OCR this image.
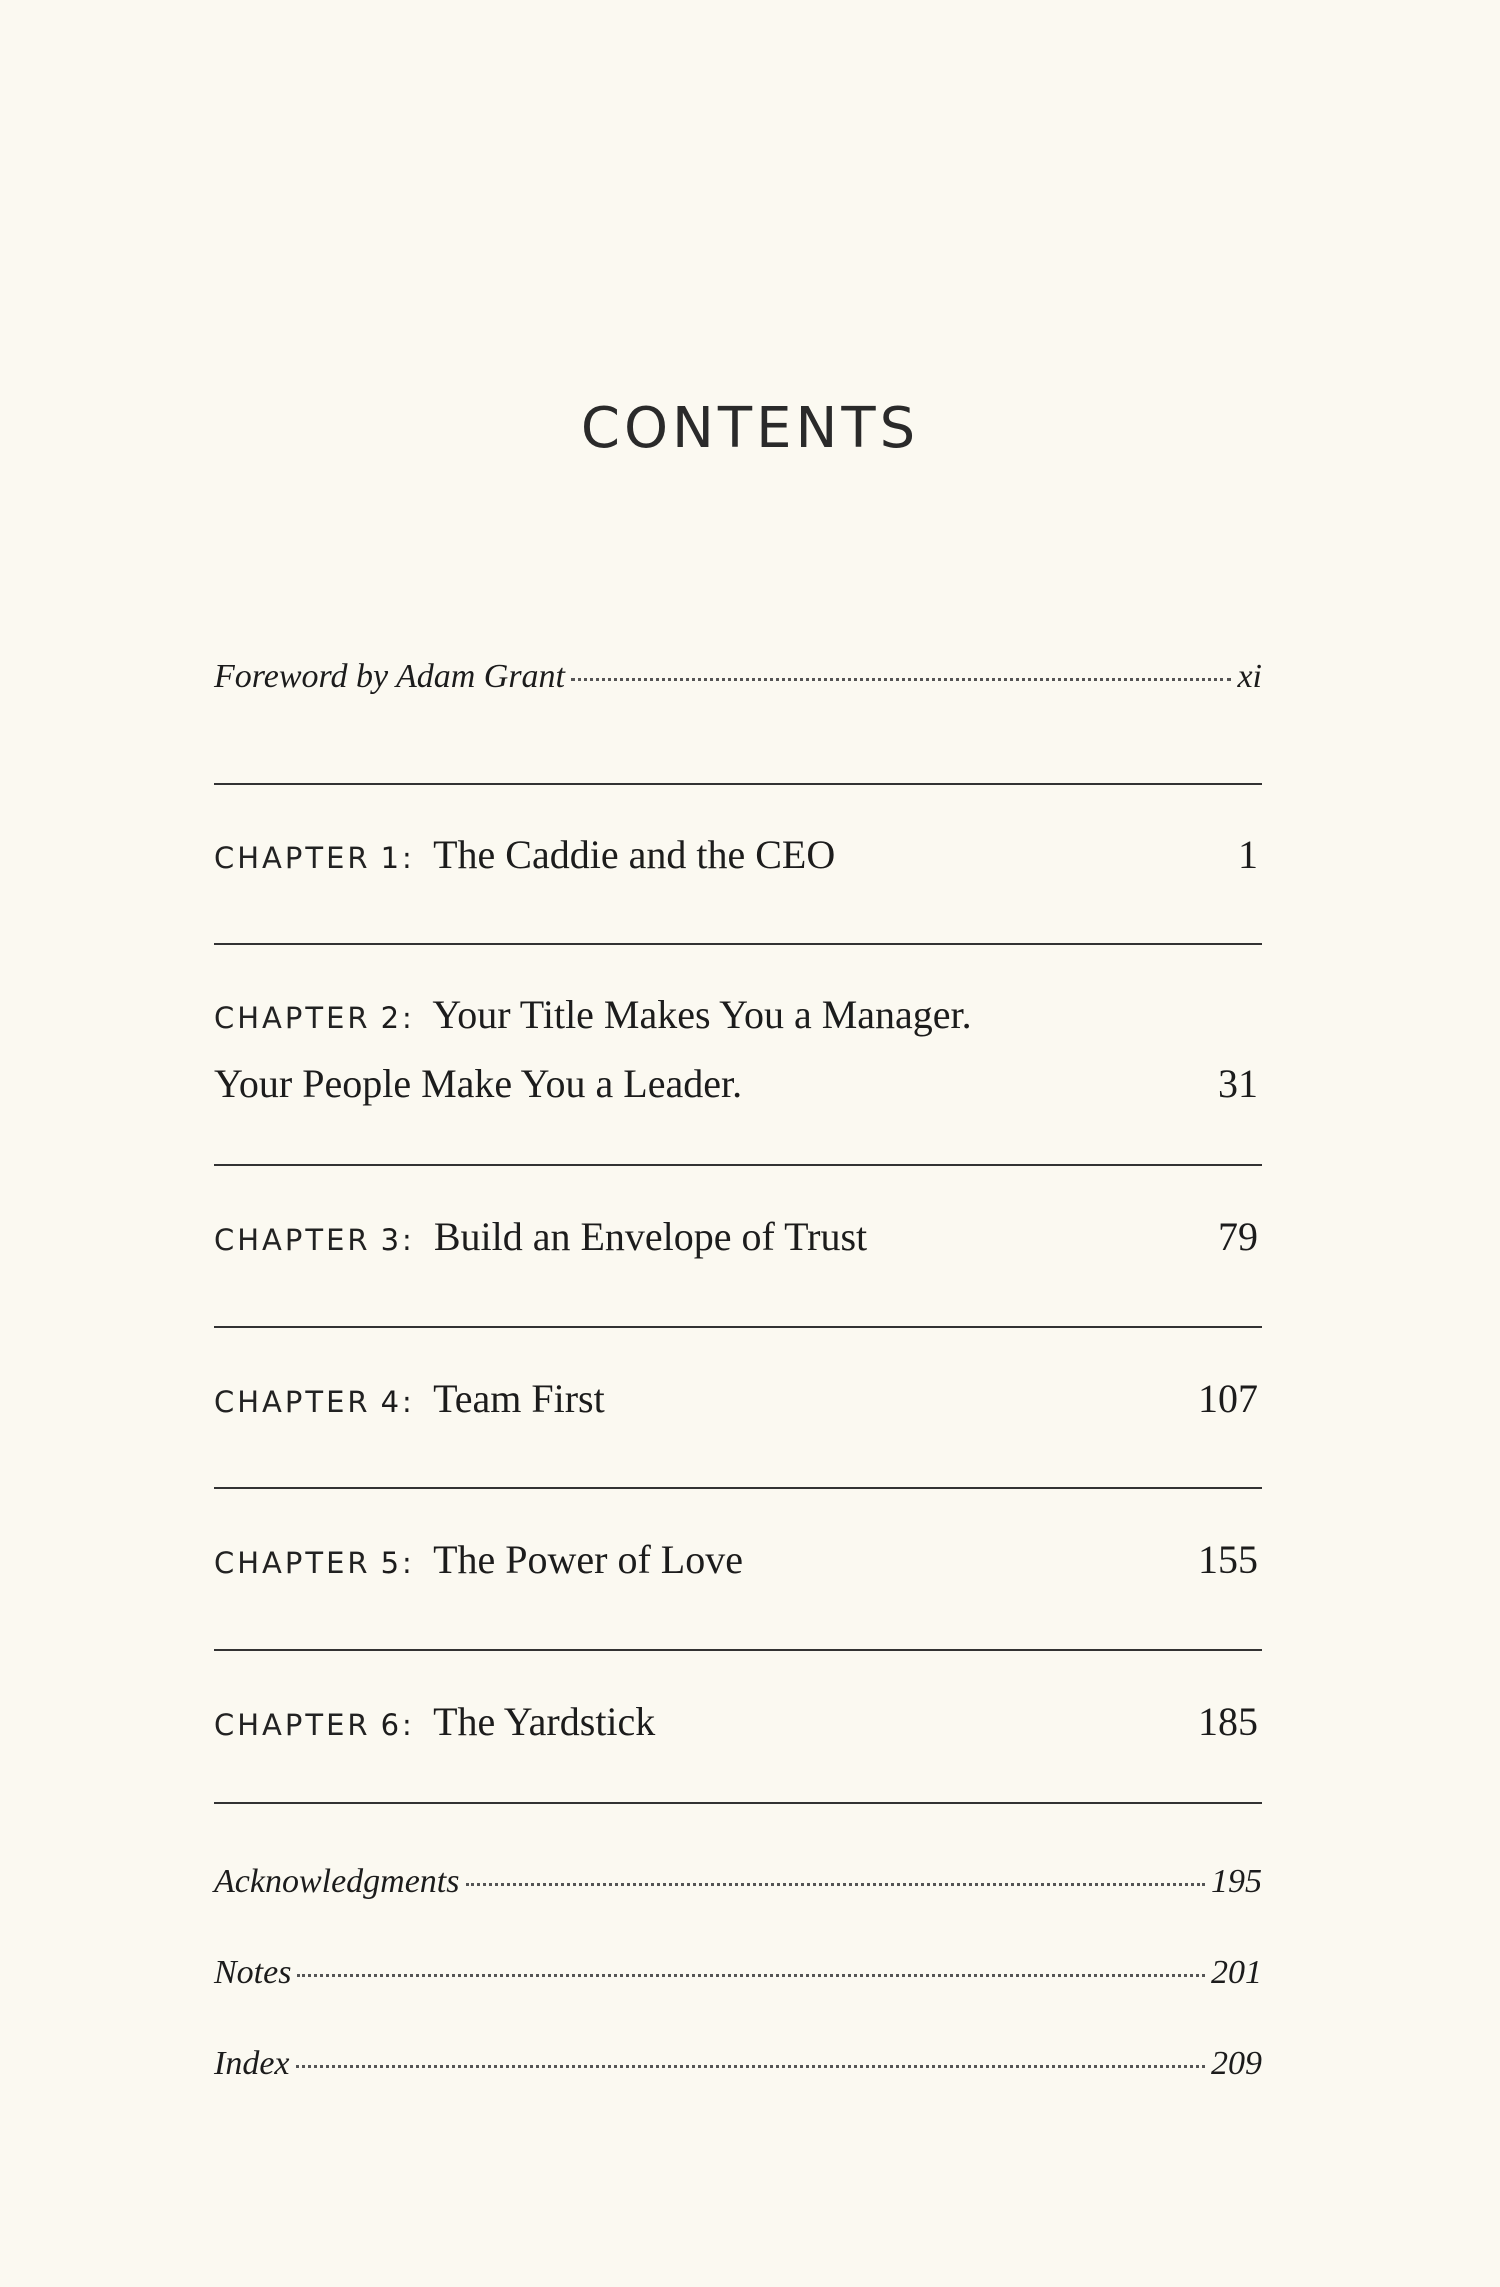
CONTENTS
Foreword by Adam Grant	xi
CHAPTER 1: The Caddie and the CEO	1
CHAPTER 2: Your Title Makes You a Manager.
Your People Make You a Leader.	31
CHAPTER 3: Build an Envelope of Trust	79
CHAPTER 4: Team First	107
CHAPTER 5: The Power of Love	155
CHAPTER 6: The Yardstick	185
Acknowledgments	195
Notes	201
Index	209
